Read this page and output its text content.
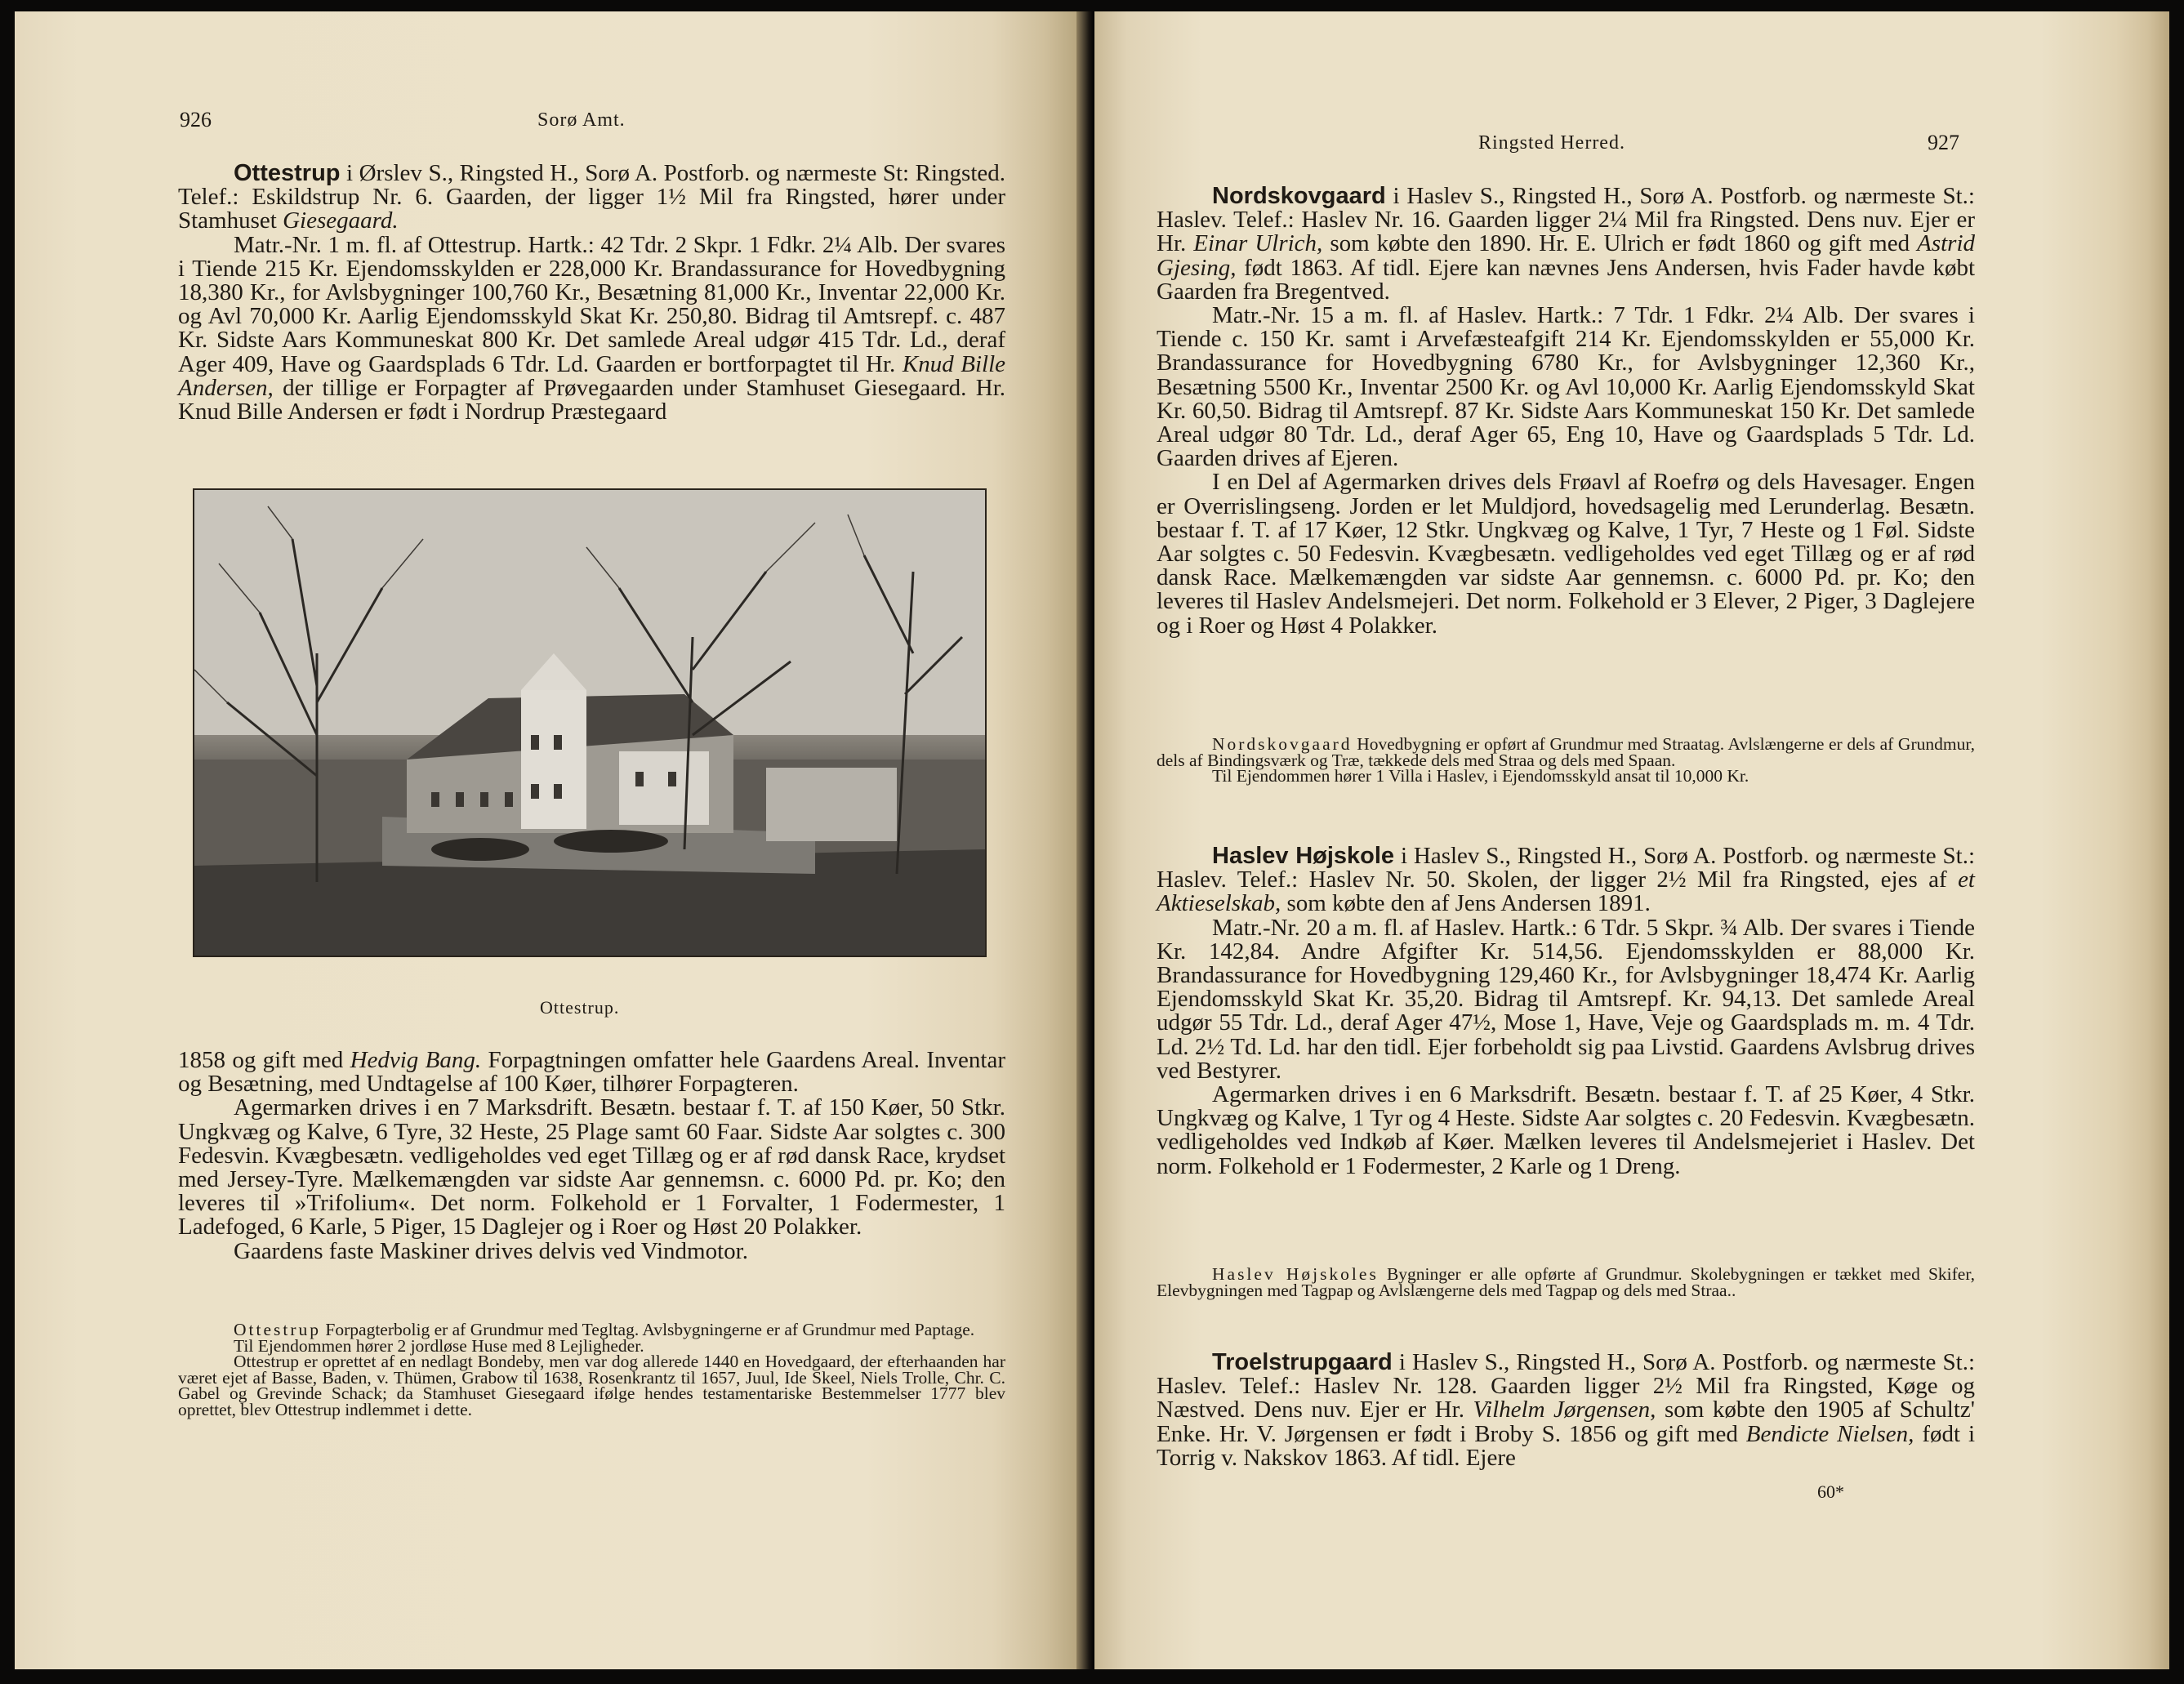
926	Sorø Amt.

Ottestrup i Ørslev S., Ringsted H., Sorø A. Postforb. og nærmeste St: Ringsted. Telef.: Eskildstrup Nr. 6. Gaarden, der ligger 1½ Mil fra Ringsted, hører under Stamhuset Giesegaard.

Matr.-Nr. 1 m. fl. af Ottestrup. Hartk.: 42 Tdr. 2 Skpr. 1 Fdkr. 2¼ Alb. Der svares i Tiende 215 Kr. Ejendomsskylden er 228,000 Kr. Brandassurance for Hovedbygning 18,380 Kr., for Avlsbygninger 100,760 Kr., Besætning 81,000 Kr., Inventar 22,000 Kr. og Avl 70,000 Kr. Aarlig Ejendomsskyld Skat Kr. 250,80. Bidrag til Amtsrepf. c. 487 Kr. Sidste Aars Kommuneskat 800 Kr. Det samlede Areal udgør 415 Tdr. Ld., deraf Ager 409, Have og Gaardsplads 6 Tdr. Ld. Gaarden er bortforpagtet til Hr. Knud Bille Andersen, der tillige er Forpagter af Prøvegaarden under Stamhuset Giesegaard. Hr. Knud Bille Andersen er født i Nordrup Præstegaard

Ottestrup.

1858 og gift med Hedvig Bang. Forpagtningen omfatter hele Gaardens Areal. Inventar og Besætning, med Undtagelse af 100 Køer, tilhører Forpagteren.

Agermarken drives i en 7 Marksdrift. Besætn. bestaar f. T. af 150 Køer, 50 Stkr. Ungkvæg og Kalve, 6 Tyre, 32 Heste, 25 Plage samt 60 Faar. Sidste Aar solgtes c. 300 Fedesvin. Kvægbesætn. vedligeholdes ved eget Tillæg og er af rød dansk Race, krydset med Jersey-Tyre. Mælkemængden var sidste Aar gennemsn. c. 6000 Pd. pr. Ko; den leveres til »Trifolium«. Det norm. Folkehold er 1 Forvalter, 1 Fodermester, 1 Ladefoged, 6 Karle, 5 Piger, 15 Daglejer og i Roer og Høst 20 Polakker.

Gaardens faste Maskiner drives delvis ved Vindmotor.

Ottestrup Forpagterbolig er af Grundmur med Tegltag. Avlsbygningerne er af Grundmur med Paptage.

Til Ejendommen hører 2 jordløse Huse med 8 Lejligheder.

Ottestrup er oprettet af en nedlagt Bondeby, men var dog allerede 1440 en Hovedgaard, der efterhaanden har været ejet af Basse, Baden, v. Thümen, Grabow til 1638, Rosenkrantz til 1657, Juul, Ide Skeel, Niels Trolle, Chr. C. Gabel og Grevinde Schack; da Stamhuset Giesegaard ifølge hendes testamentariske Bestemmelser 1777 blev oprettet, blev Ottestrup indlemmet i dette.

Ringsted Herred.	927

Nordskovgaard i Haslev S., Ringsted H., Sorø A. Postforb. og nærmeste St.: Haslev. Telef.: Haslev Nr. 16. Gaarden ligger 2¼ Mil fra Ringsted. Dens nuv. Ejer er Hr. Einar Ulrich, som købte den 1890. Hr. E. Ulrich er født 1860 og gift med Astrid Gjesing, født 1863. Af tidl. Ejere kan nævnes Jens Andersen, hvis Fader havde købt Gaarden fra Bregentved.

Matr.-Nr. 15 a m. fl. af Haslev. Hartk.: 7 Tdr. 1 Fdkr. 2¼ Alb. Der svares i Tiende c. 150 Kr. samt i Arvefæsteafgift 214 Kr. Ejendomsskylden er 55,000 Kr. Brandassurance for Hovedbygning 6780 Kr., for Avlsbygninger 12,360 Kr., Besætning 5500 Kr., Inventar 2500 Kr. og Avl 10,000 Kr. Aarlig Ejendomsskyld Skat Kr. 60,50. Bidrag til Amtsrepf. 87 Kr. Sidste Aars Kommuneskat 150 Kr. Det samlede Areal udgør 80 Tdr. Ld., deraf Ager 65, Eng 10, Have og Gaardsplads 5 Tdr. Ld. Gaarden drives af Ejeren.

I en Del af Agermarken drives dels Frøavl af Roefrø og dels Havesager. Engen er Overrislingseng. Jorden er let Muldjord, hovedsagelig med Lerunderlag. Besætn. bestaar f. T. af 17 Køer, 12 Stkr. Ungkvæg og Kalve, 1 Tyr, 7 Heste og 1 Føl. Sidste Aar solgtes c. 50 Fedesvin. Kvægbesætn. vedligeholdes ved eget Tillæg og er af rød dansk Race. Mælkemængden var sidste Aar gennemsn. c. 6000 Pd. pr. Ko; den leveres til Haslev Andelsmejeri. Det norm. Folkehold er 3 Elever, 2 Piger, 3 Daglejere og i Roer og Høst 4 Polakker.

Nordskovgaard Hovedbygning er opført af Grundmur med Straatag. Avlslængerne er dels af Grundmur, dels af Bindingsværk og Træ, tækkede dels med Straa og dels med Spaan.

Til Ejendommen hører 1 Villa i Haslev, i Ejendomsskyld ansat til 10,000 Kr.

Haslev Højskole i Haslev S., Ringsted H., Sorø A. Postforb. og nærmeste St.: Haslev. Telef.: Haslev Nr. 50. Skolen, der ligger 2½ Mil fra Ringsted, ejes af et Aktieselskab, som købte den af Jens Andersen 1891.

Matr.-Nr. 20 a m. fl. af Haslev. Hartk.: 6 Tdr. 5 Skpr. ¾ Alb. Der svares i Tiende Kr. 142,84. Andre Afgifter Kr. 514,56. Ejendomsskylden er 88,000 Kr. Brandassurance for Hovedbygning 129,460 Kr., for Avlsbygninger 18,474 Kr. Aarlig Ejendomsskyld Skat Kr. 35,20. Bidrag til Amtsrepf. Kr. 94,13. Det samlede Areal udgør 55 Tdr. Ld., deraf Ager 47½, Mose 1, Have, Veje og Gaardsplads m. m. 4 Tdr. Ld. 2½ Td. Ld. har den tidl. Ejer forbeholdt sig paa Livstid. Gaardens Avlsbrug drives ved Bestyrer.

Agermarken drives i en 6 Marksdrift. Besætn. bestaar f. T. af 25 Køer, 4 Stkr. Ungkvæg og Kalve, 1 Tyr og 4 Heste. Sidste Aar solgtes c. 20 Fedesvin. Kvægbesætn. vedligeholdes ved Indkøb af Køer. Mælken leveres til Andelsmejeriet i Haslev. Det norm. Folkehold er 1 Fodermester, 2 Karle og 1 Dreng.

Haslev Højskoles Bygninger er alle opførte af Grundmur. Skolebygningen er tækket med Skifer, Elevbygningen med Tagpap og Avlslængerne dels med Tagpap og dels med Straa..

Troelstrupgaard i Haslev S., Ringsted H., Sorø A. Postforb. og nærmeste St.: Haslev. Telef.: Haslev Nr. 128. Gaarden ligger 2½ Mil fra Ringsted, Køge og Næstved. Dens nuv. Ejer er Hr. Vilhelm Jørgensen, som købte den 1905 af Schultz' Enke. Hr. V. Jørgensen er født i Broby S. 1856 og gift med Bendicte Nielsen, født i Torrig v. Nakskov 1863. Af tidl. Ejere

60*
